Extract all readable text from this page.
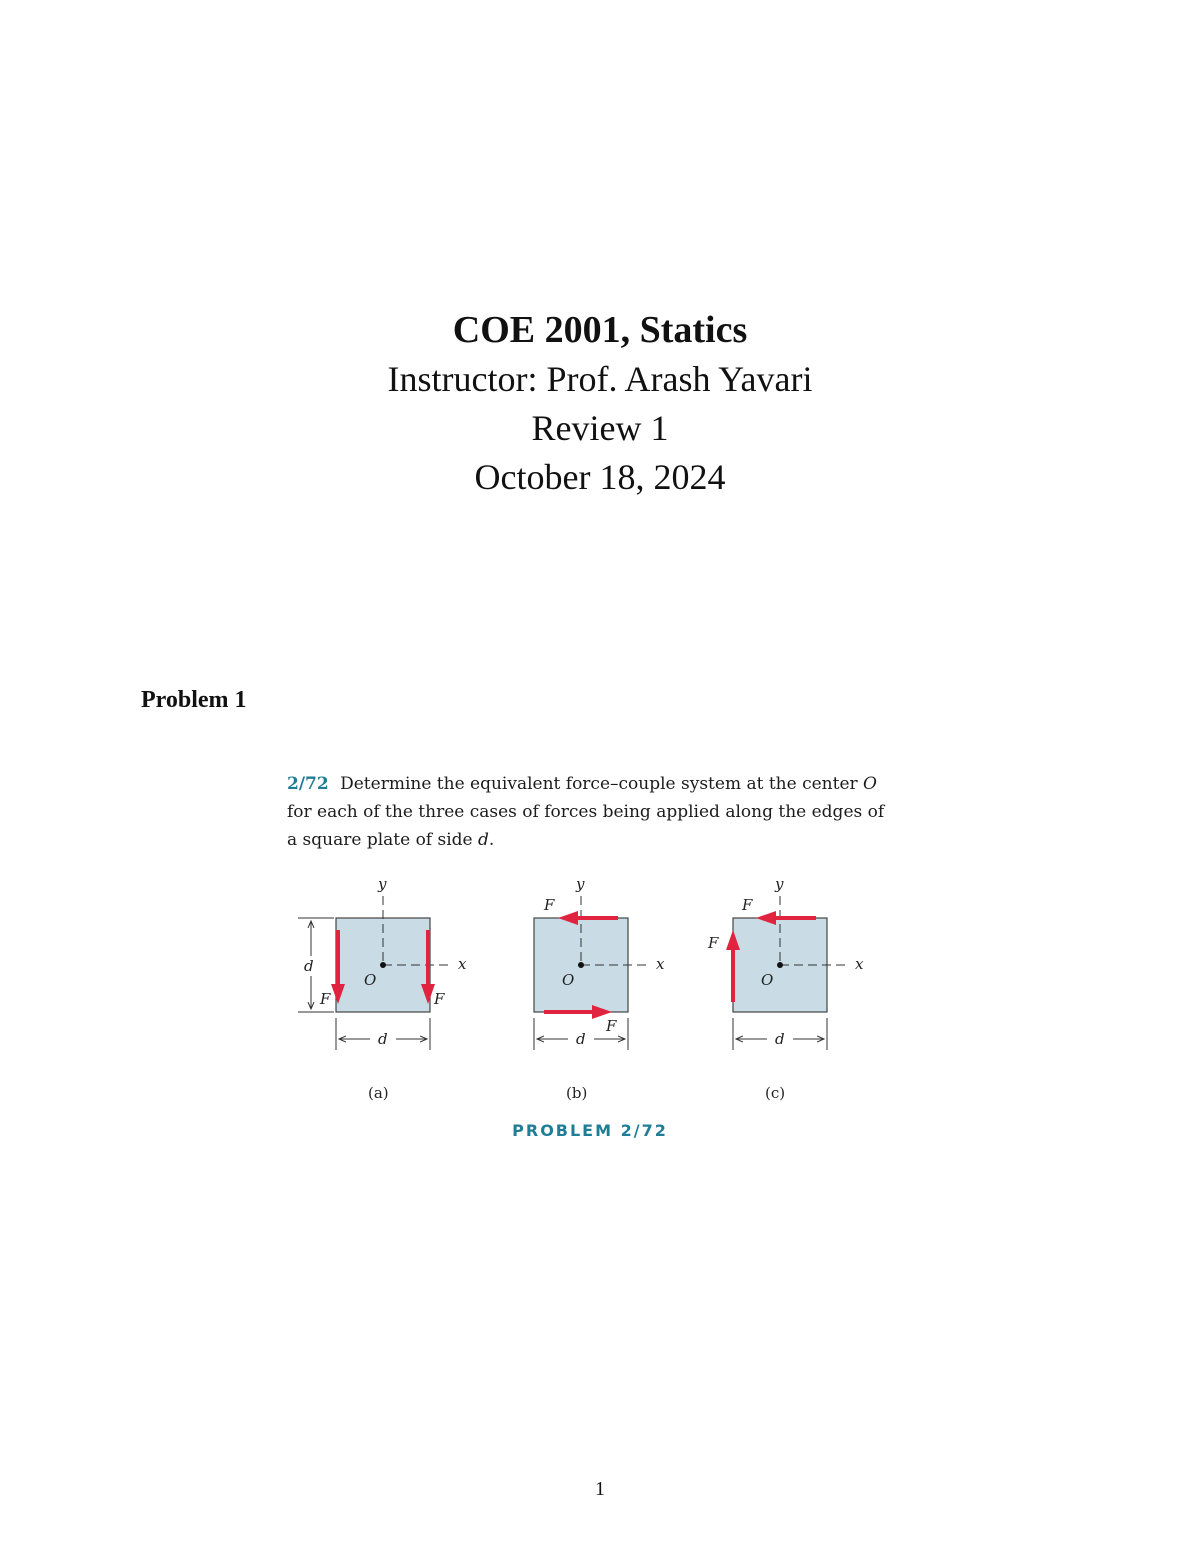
COE 2001, Statics
Instructor: Prof. Arash Yavari
Review 1
October 18, 2024
Problem 1
2/72 Determine the equivalent force–couple system at the center O for each of the three cases of forces being applied along the edges of a square plate of side d.
y
x
O
F	F
d
d
(a)
y
x
O
F
F
d
(b)
y
x
O
F
F
d
(c)
PROBLEM 2/72
1
